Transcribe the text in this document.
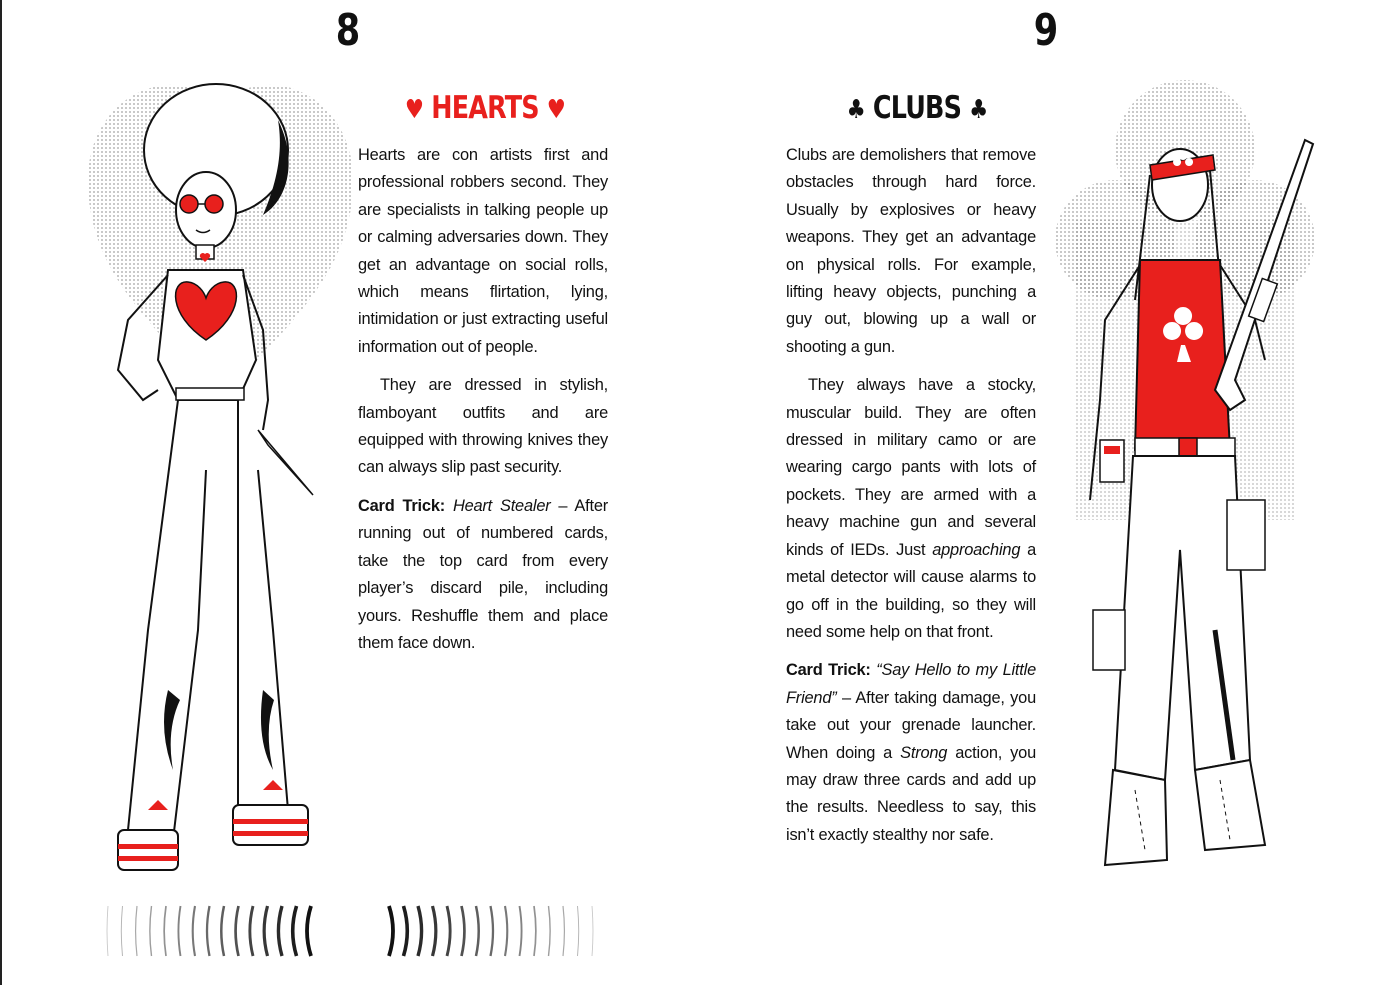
♥ HEARTS ♥

Hearts are con artists first and professional robbers second. They are specialists in talking people up or calming adversaries down. They get an advantage on social rolls, which means flirtation, lying, intimidation or just extracting useful information out of people.

They are dressed in stylish, flamboyant outfits and are equipped with throwing knives they can always slip past security.

Card Trick: Heart Stealer – After running out of numbered cards, take the top card from every player’s discard pile, including yours. Reshuffle them and place them face down.

8
♣ CLUBS ♣

Clubs are demolishers that remove obstacles through hard force. Usually by explosives or heavy weapons. They get an advantage on physical rolls. For example, lifting heavy objects, punching a guy out, blowing up a wall or shooting a gun.

They always have a stocky, muscular build. They are often dressed in military camo or are wearing cargo pants with lots of pockets. They are armed with a heavy machine gun and several kinds of IEDs. Just approaching a metal detector will cause alarms to go off in the building, so they will need some help on that front.

Card Trick: “Say Hello to my Little Friend” – After taking damage, you take out your grenade launcher. When doing a Strong action, you may draw three cards and add up the results. Needless to say, this isn’t exactly stealthy nor safe.

9
